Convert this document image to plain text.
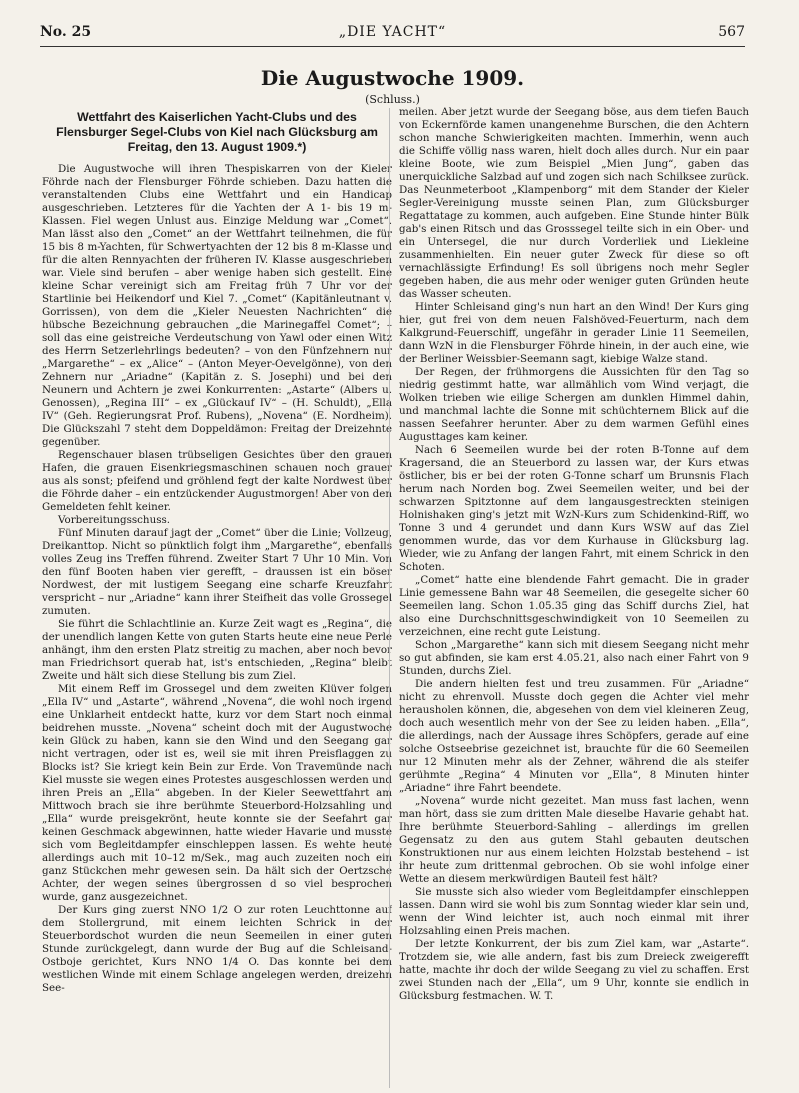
No. 25	„DIE YACHT“	567
Die Augustwoche 1909.
(Schluss.)
Wettfahrt des Kaiserlichen Yacht-Clubs und des Flensburger Segel-Clubs von Kiel nach Glücksburg am Freitag, den 13. August 1909.*)

Die Augustwoche will ihren Thespiskarren von der Kieler Föhrde nach der Flensburger Föhrde schieben. Dazu hatten die veranstaltenden Clubs eine Wettfahrt und ein Handicap ausgeschrieben. Letzteres für die Yachten der A 1- bis 19 m-Klassen. Fiel wegen Unlust aus. Einzige Meldung war „Comet“. Man lässt also den „Comet“ an der Wettfahrt teilnehmen, die für 15 bis 8 m-Yachten, für Schwertyachten der 12 bis 8 m-Klasse und für die alten Rennyachten der früheren IV. Klasse ausgeschrieben war. Viele sind berufen – aber wenige haben sich gestellt. Eine kleine Schar vereinigt sich am Freitag früh 7 Uhr vor der Startlinie bei Heikendorf und Kiel 7. „Comet“ (Kapitänleutnant v. Gorrissen), von dem die „Kieler Neuesten Nachrichten“ die hübsche Bezeichnung gebrauchen „die Marinegaffel Comet“; – soll das eine geistreiche Verdeutschung von Yawl oder einen Witz des Herrn Setzerlehrlings bedeuten? – von den Fünfzehnern nur „Margarethe“ – ex „Alice“ – (Anton Meyer-Oevelgönne), von den Zehnern nur „Ariadne“ (Kapitän z. S. Josephi) und bei den Neunern und Achtern je zwei Konkurrenten: „Astarte“ (Albers u. Genossen), „Regina III“ – ex „Glückauf IV“ – (H. Schuldt), „Ella IV“ (Geh. Regierungsrat Prof. Rubens), „Novena“ (E. Nordheim). Die Glückszahl 7 steht dem Doppeldämon: Freitag der Dreizehnte gegenüber.

Regenschauer blasen trübseligen Gesichtes über den grauen Hafen, die grauen Eisenkriegsmaschinen schauen noch grauer aus als sonst; pfeifend und gröhlend fegt der kalte Nordwest über die Föhrde daher – ein entzückender Augustmorgen! Aber von den Gemeldeten fehlt keiner.

Vorbereitungsschuss.

Fünf Minuten darauf jagt der „Comet“ über die Linie; Vollzeug, Dreikanttop. Nicht so pünktlich folgt ihm „Margarethe“, ebenfalls volles Zeug ins Treffen führend. Zweiter Start 7 Uhr 10 Min. Von den fünf Booten haben vier gerefft, – draussen ist ein böser Nordwest, der mit lustigem Seegang eine scharfe Kreuzfahrt verspricht – nur „Ariadne“ kann ihrer Steifheit das volle Grossegel zumuten.

Sie führt die Schlachtlinie an. Kurze Zeit wagt es „Regina“, die der unendlich langen Kette von guten Starts heute eine neue Perle anhängt, ihm den ersten Platz streitig zu machen, aber noch bevor man Friedrichsort querab hat, ist's entschieden, „Regina“ bleibt Zweite und hält sich diese Stellung bis zum Ziel.

Mit einem Reff im Grossegel und dem zweiten Klüver folgen „Ella IV“ und „Astarte“, während „Novena“, die wohl noch irgend eine Unklarheit entdeckt hatte, kurz vor dem Start noch einmal beidrehen musste. „Novena“ scheint doch mit der Augustwoche kein Glück zu haben, kann sie den Wind und den Seegang gar nicht vertragen, oder ist es, weil sie mit ihren Preisflaggen zu Blocks ist? Sie kriegt kein Bein zur Erde. Von Travemünde nach Kiel musste sie wegen eines Protestes ausgeschlossen werden und ihren Preis an „Ella“ abgeben. In der Kieler Seewettfahrt am Mittwoch brach sie ihre berühmte Steuerbord-Holzsahling und „Ella“ wurde preisgekrönt, heute konnte sie der Seefahrt gar keinen Geschmack abgewinnen, hatte wieder Havarie und musste sich vom Begleitdampfer einschleppen lassen. Es wehte heute allerdings auch mit 10–12 m/Sek., mag auch zuzeiten noch ein ganz Stückchen mehr gewesen sein. Da hält sich der Oertzsche Achter, der wegen seines übergrossen d so viel besprochen wurde, ganz ausgezeichnet.

Der Kurs ging zuerst NNO 1/2 O zur roten Leuchttonne auf dem Stollergrund, mit einem leichten Schrick in der Steuerbordschot wurden die neun Seemeilen in einer guten Stunde zurückgelegt, dann wurde der Bug auf die Schleisand-Ostboje gerichtet, Kurs NNO 1/4 O. Das konnte bei dem westlichen Winde mit einem Schlage angelegen werden, dreizehn See-

meilen. Aber jetzt wurde der Seegang böse, aus dem tiefen Bauch von Eckernförde kamen unangenehme Burschen, die den Achtern schon manche Schwierigkeiten machten. Immerhin, wenn auch die Schiffe völlig nass waren, hielt doch alles durch. Nur ein paar kleine Boote, wie zum Beispiel „Mien Jung“, gaben das unerquickliche Salzbad auf und zogen sich nach Schilksee zurück. Das Neunmeterboot „Klampenborg“ mit dem Stander der Kieler Segler-Vereinigung musste seinen Plan, zum Glücksburger Regattatage zu kommen, auch aufgeben. Eine Stunde hinter Bülk gab's einen Ritsch und das Grosssegel teilte sich in ein Ober- und ein Untersegel, die nur durch Vorderliek und Liekleine zusammenhielten. Ein neuer guter Zweck für diese so oft vernachlässigte Erfindung! Es soll übrigens noch mehr Segler gegeben haben, die aus mehr oder weniger guten Gründen heute das Wasser scheuten.

Hinter Schleisand ging's nun hart an den Wind! Der Kurs ging hier, gut frei von dem neuen Falshöved-Feuerturm, nach dem Kalkgrund-Feuerschiff, ungefähr in gerader Linie 11 Seemeilen, dann WzN in die Flensburger Föhrde hinein, in der auch eine, wie der Berliner Weissbier-Seemann sagt, kiebige Walze stand.

Der Regen, der frühmorgens die Aussichten für den Tag so niedrig gestimmt hatte, war allmählich vom Wind verjagt, die Wolken trieben wie eilige Schergen am dunklen Himmel dahin, und manchmal lachte die Sonne mit schüchternem Blick auf die nassen Seefahrer herunter. Aber zu dem warmen Gefühl eines Augusttages kam keiner.

Nach 6 Seemeilen wurde bei der roten B-Tonne auf dem Kragersand, die an Steuerbord zu lassen war, der Kurs etwas östlicher, bis er bei der roten G-Tonne scharf um Brunsnis Flach herum nach Norden bog. Zwei Seemeilen weiter, und bei der schwarzen Spitztonne auf dem langausgestreckten steinigen Holnishaken ging's jetzt mit WzN-Kurs zum Schidenkind-Riff, wo Tonne 3 und 4 gerundet und dann Kurs WSW auf das Ziel genommen wurde, das vor dem Kurhause in Glücksburg lag. Wieder, wie zu Anfang der langen Fahrt, mit einem Schrick in den Schoten.

„Comet“ hatte eine blendende Fahrt gemacht. Die in grader Linie gemessene Bahn war 48 Seemeilen, die gesegelte sicher 60 Seemeilen lang. Schon 1.05.35 ging das Schiff durchs Ziel, hat also eine Durchschnittsgeschwindigkeit von 10 Seemeilen zu verzeichnen, eine recht gute Leistung.

Schon „Margarethe“ kann sich mit diesem Seegang nicht mehr so gut abfinden, sie kam erst 4.05.21, also nach einer Fahrt von 9 Stunden, durchs Ziel.

Die andern hielten fest und treu zusammen. Für „Ariadne“ nicht zu ehrenvoll. Musste doch gegen die Achter viel mehr herausholen können, die, abgesehen von dem viel kleineren Zeug, doch auch wesentlich mehr von der See zu leiden haben. „Ella“, die allerdings, nach der Aussage ihres Schöpfers, gerade auf eine solche Ostseebrise gezeichnet ist, brauchte für die 60 Seemeilen nur 12 Minuten mehr als der Zehner, während die als steifer gerühmte „Regina“ 4 Minuten vor „Ella“, 8 Minuten hinter „Ariadne“ ihre Fahrt beendete.

„Novena“ wurde nicht gezeitet. Man muss fast lachen, wenn man hört, dass sie zum dritten Male dieselbe Havarie gehabt hat. Ihre berühmte Steuerbord-Sahling – allerdings im grellen Gegensatz zu den aus gutem Stahl gebauten deutschen Konstruktionen nur aus einem leichten Holzstab bestehend – ist ihr heute zum drittenmal gebrochen. Ob sie wohl infolge einer Wette an diesem merkwürdigen Bauteil fest hält?

Sie musste sich also wieder vom Begleitdampfer einschleppen lassen. Dann wird sie wohl bis zum Sonntag wieder klar sein und, wenn der Wind leichter ist, auch noch einmal mit ihrer Holzsahling einen Preis machen.

Der letzte Konkurrent, der bis zum Ziel kam, war „Astarte“. Trotzdem sie, wie alle andern, fast bis zum Dreieck zweigerefft hatte, machte ihr doch der wilde Seegang zu viel zu schaffen. Erst zwei Stunden nach der „Ella“, um 9 Uhr, konnte sie endlich in Glücksburg festmachen. W. T.
